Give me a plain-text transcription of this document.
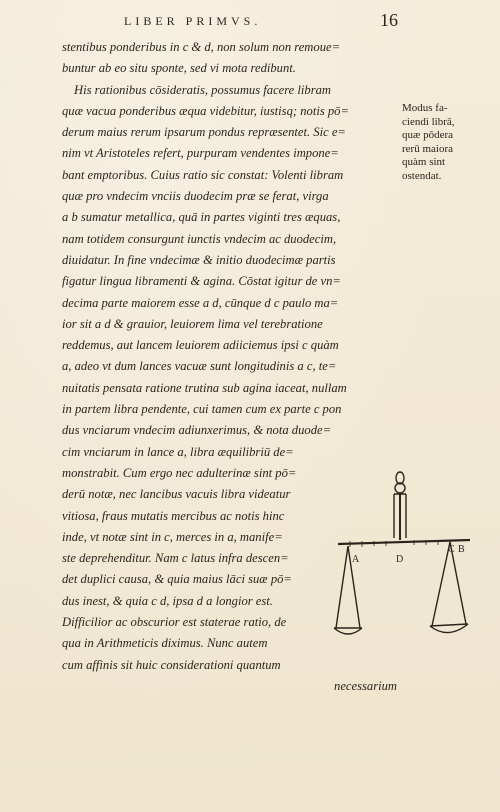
LIBER PRIMVS.	16
stentibus ponderibus in c & d, non solum non remoue=
buntur ab eo situ sponte, sed vi mota redibunt.
His rationibus cōsideratis, possumus facere libram
quæ vacua ponderibus æqua videbitur, iustisq; notis pō=
derum maius rerum ipsarum pondus repræsentet. Sic e=
nim vt Aristoteles refert, purpuram vendentes impone=
bant emptoribus. Cuius ratio sic constat: Volenti libram
quæ pro vndecim vnciis duodecim præ se ferat, virga
a b sumatur metallica, quā in partes viginti tres æquas,
nam totidem consurgunt iunctis vndecim ac duodecim,
diuidatur. In fine vndecimæ & initio duodecimæ partis
figatur lingua libramenti & agina. Cōstat igitur de vn=
decima parte maiorem esse a d, cūnque d c paulo ma=
ior sit a d & grauior, leuiorem lima vel terebratione
reddemus, aut lancem leuiorem adiiciemus ipsi c quàm
a, adeo vt dum lances vacuæ sunt longitudinis a c, te=
nuitatis pensata ratione trutina sub agina iaceat, nullam
in partem libra pendente, cui tamen cum ex parte c pon
dus vnciarum vndecim adiunxerimus, & nota duode=
cim vnciarum in lance a, libra æquilibriū de=
monstrabit. Cum ergo nec adulterinæ sint pō=
derū notæ, nec lancibus vacuis libra videatur
vitiosa, fraus mutatis mercibus ac notis hinc
inde, vt notæ sint in c, merces in a, manife=
ste deprehenditur. Nam c latus infra descen=
det duplici causa, & quia maius lāci suæ pō=
dus inest, & quia c d, ipsa d a longior est.
Difficilior ac obscurior est staterae ratio, de
qua in Arithmeticis diximus. Nunc autem
cum affinis sit huic considerationi quantum
necessarium
Modus fa-
ciendi librā,
quæ pōdera
rerū maiora
quàm sint
ostendat.
A	D
C B
